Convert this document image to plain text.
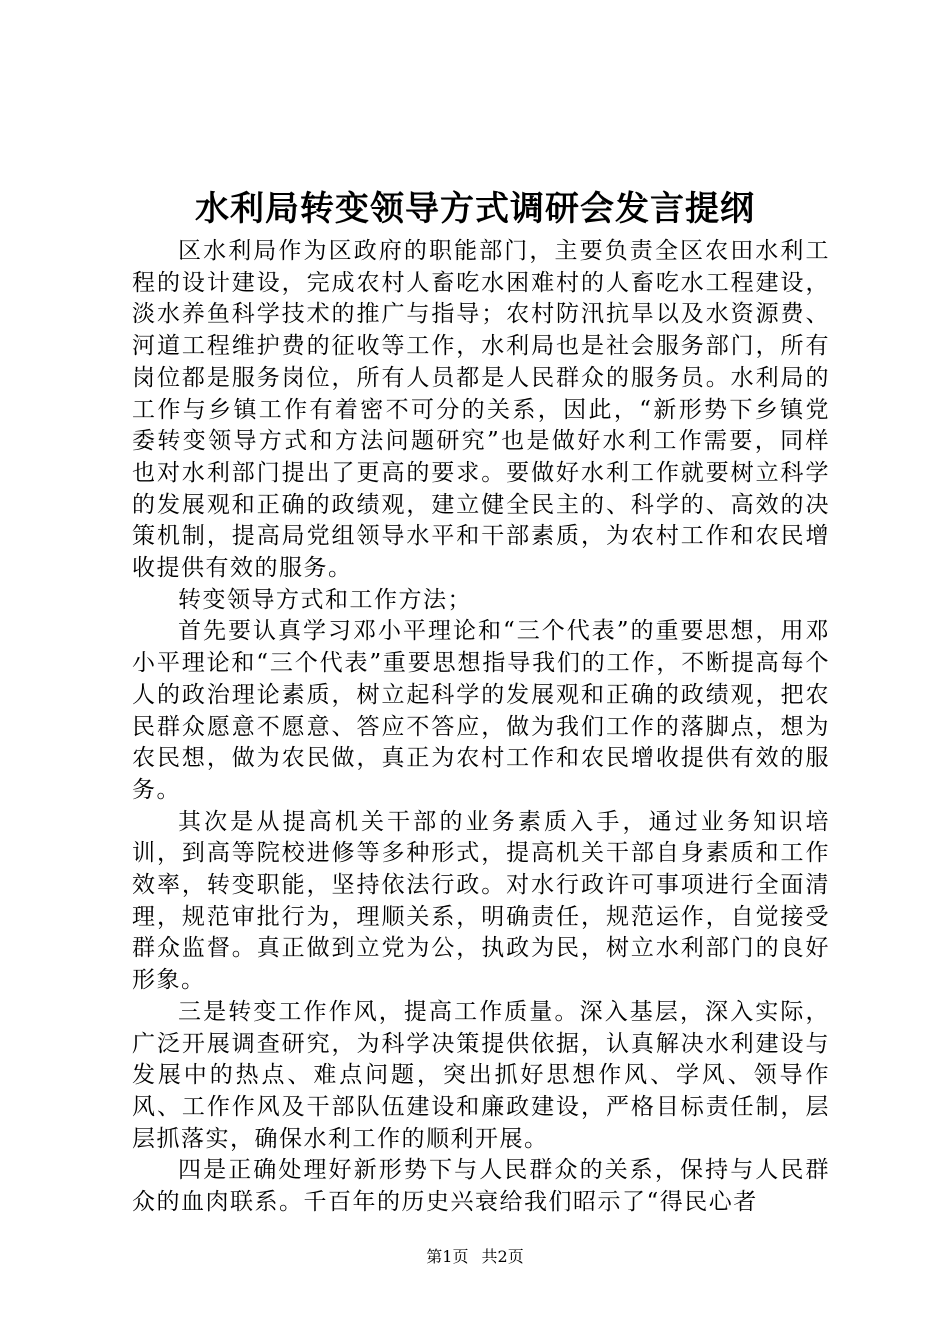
水利局转变领导方式调研会发言提纲

区水利局作为区政府的职能部门，主要负责全区农田水利工程的设计建设，完成农村人畜吃水困难村的人畜吃水工程建设，淡水养鱼科学技术的推广与指导；农村防汛抗旱以及水资源费、河道工程维护费的征收等工作，水利局也是社会服务部门，所有岗位都是服务岗位，所有人员都是人民群众的服务员。水利局的工作与乡镇工作有着密不可分的关系，因此，“新形势下乡镇党委转变领导方式和方法问题研究”也是做好水利工作需要，同样也对水利部门提出了更高的要求。要做好水利工作就要树立科学的发展观和正确的政绩观，建立健全民主的、科学的、高效的决策机制，提高局党组领导水平和干部素质，为农村工作和农民增收提供有效的服务。

转变领导方式和工作方法；

首先要认真学习邓小平理论和“三个代表”的重要思想，用邓小平理论和“三个代表”重要思想指导我们的工作，不断提高每个人的政治理论素质，树立起科学的发展观和正确的政绩观，把农民群众愿意不愿意、答应不答应，做为我们工作的落脚点，想为农民想，做为农民做，真正为农村工作和农民增收提供有效的服务。

其次是从提高机关干部的业务素质入手，通过业务知识培训，到高等院校进修等多种形式，提高机关干部自身素质和工作效率，转变职能，坚持依法行政。对水行政许可事项进行全面清理，规范审批行为，理顺关系，明确责任，规范运作，自觉接受群众监督。真正做到立党为公，执政为民，树立水利部门的良好形象。

三是转变工作作风，提高工作质量。深入基层，深入实际，广泛开展调查研究，为科学决策提供依据，认真解决水利建设与发展中的热点、难点问题，突出抓好思想作风、学风、领导作风、工作作风及干部队伍建设和廉政建设，严格目标责任制，层层抓落实，确保水利工作的顺利开展。

四是正确处理好新形势下与人民群众的关系，保持与人民群众的血肉联系。千百年的历史兴衰给我们昭示了“得民心者

第1页 共2页
